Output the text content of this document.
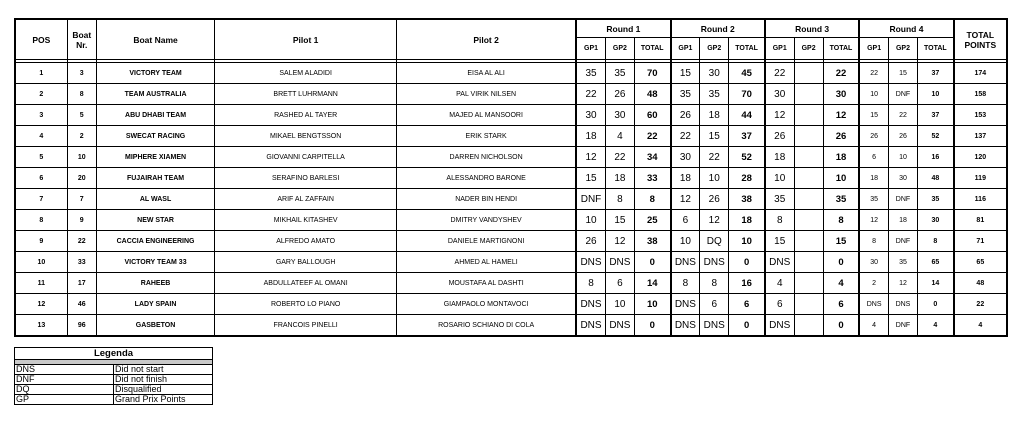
POS	Boat Nr.	Boat Name	Pilot 1	Pilot 2	Round 1			Round 2			Round 3			Round 4			TOTAL POINTS
					GP1	GP2	TOTAL	GP1	GP2	TOTAL	GP1	GP2	TOTAL	GP1	GP2	TOTAL	

1	3	VICTORY TEAM	SALEM ALADIDI	EISA AL ALI	35	35	70	15	30	45	22		22	22	15	37	174
2	8	TEAM AUSTRALIA	BRETT LUHRMANN	PAL VIRIK NILSEN	22	26	48	35	35	70	30		30	10	DNF	10	158
3	5	ABU DHABI TEAM	RASHED AL TAYER	MAJED AL MANSOORI	30	30	60	26	18	44	12		12	15	22	37	153
4	2	SWECAT RACING	MIKAEL BENGTSSON	ERIK STARK	18	4	22	22	15	37	26		26	26	26	52	137
5	10	MIPHERE XIAMEN	GIOVANNI CARPITELLA	DARREN NICHOLSON	12	22	34	30	22	52	18		18	6	10	16	120
6	20	FUJAIRAH TEAM	SERAFINO BARLESI	ALESSANDRO BARONE	15	18	33	18	10	28	10		10	18	30	48	119
7	7	AL WASL	ARIF AL ZAFFAIN	NADER BIN HENDI	DNF	8	8	12	26	38	35		35	35	DNF	35	116
8	9	NEW STAR	MIKHAIL KITASHEV	DMITRY VANDYSHEV	10	15	25	6	12	18	8		8	12	18	30	81
9	22	CACCIA ENGINEERING	ALFREDO AMATO	DANIELE MARTIGNONI	26	12	38	10	DQ	10	15		15	8	DNF	8	71
10	33	VICTORY TEAM 33	GARY BALLOUGH	AHMED AL HAMELI	DNS	DNS	0	DNS	DNS	0	DNS		0	30	35	65	65
11	17	RAHEEB	ABDULLATEEF AL OMANI	MOUSTAFA AL DASHTI	8	6	14	8	8	16	4		4	2	12	14	48
12	46	LADY SPAIN	ROBERTO LO PIANO	GIAMPAOLO MONTAVOCI	DNS	10	10	DNS	6	6	6		6	DNS	DNS	0	22
13	96	GASBETON	FRANCOIS PINELLI	ROSARIO SCHIANO DI COLA	DNS	DNS	0	DNS	DNS	0	DNS		0	4	DNF	4	4
Legenda	

DNS	Did not start
DNF	Did not finish
DQ	Disqualified
GP	Grand Prix Points
